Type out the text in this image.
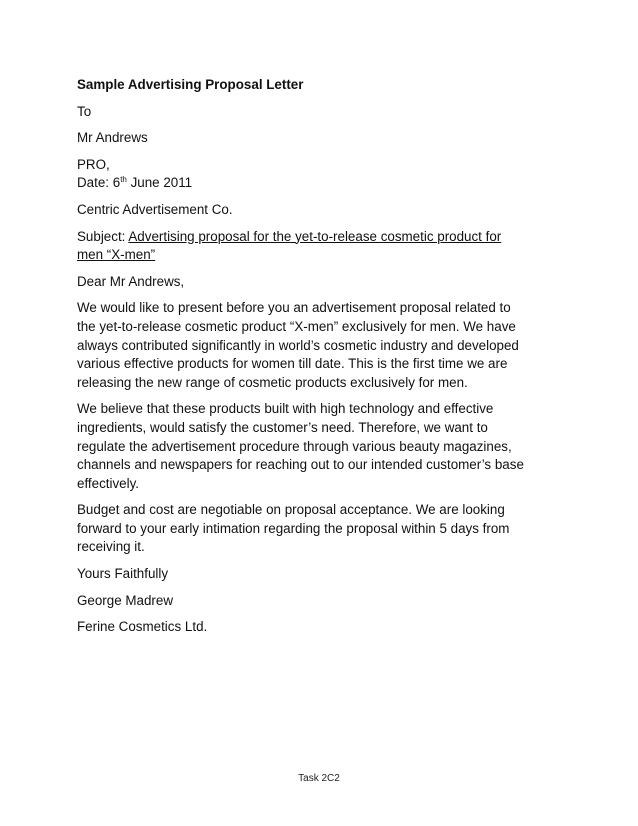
Sample Advertising Proposal Letter

To

Mr Andrews

PRO,
Date: 6th June 2011

Centric Advertisement Co.

Subject: Advertising proposal for the yet-to-release cosmetic product for
men “X-men”

Dear Mr Andrews,

We would like to present before you an advertisement proposal related to
the yet-to-release cosmetic product “X-men” exclusively for men. We have
always contributed significantly in world’s cosmetic industry and developed
various effective products for women till date. This is the first time we are
releasing the new range of cosmetic products exclusively for men.

We believe that these products built with high technology and effective
ingredients, would satisfy the customer’s need. Therefore, we want to
regulate the advertisement procedure through various beauty magazines,
channels and newspapers for reaching out to our intended customer’s base
effectively.

Budget and cost are negotiable on proposal acceptance. We are looking
forward to your early intimation regarding the proposal within 5 days from
receiving it.

Yours Faithfully

George Madrew

Ferine Cosmetics Ltd.

Task 2C2
